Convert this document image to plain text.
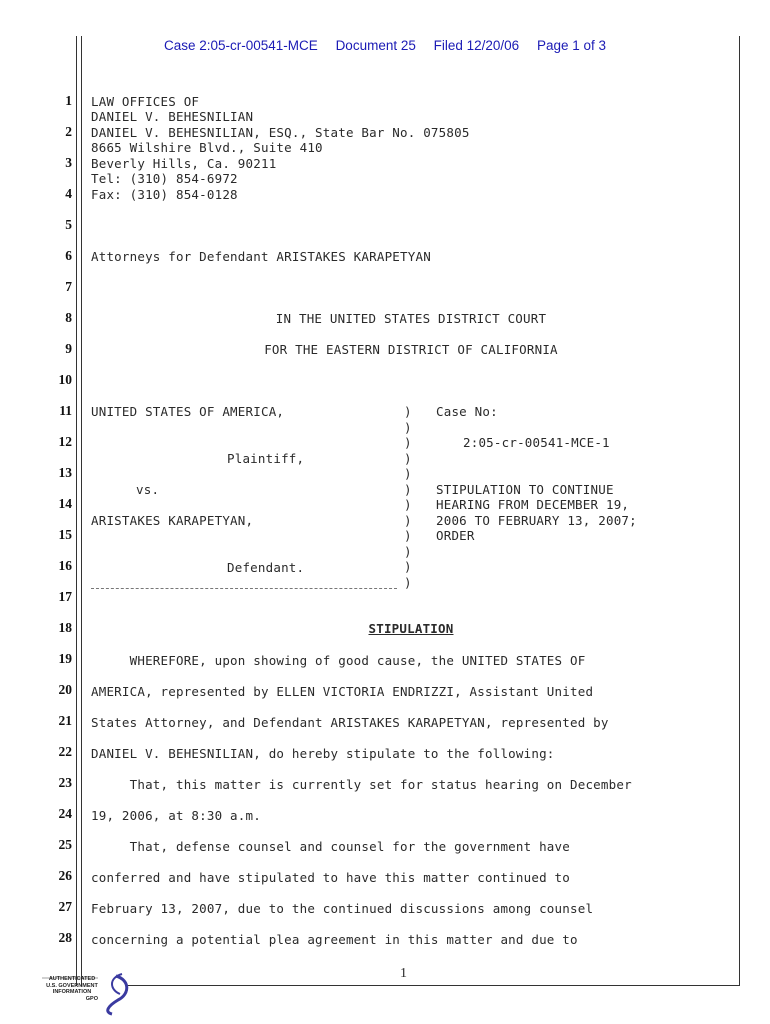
Case 2:05-cr-00541-MCE Document 25 Filed 12/20/06 Page 1 of 3
1
2
3
4
5
6
7
8
9
10
11
12
13
14
15
16
17
18
19
20
21
22
23
24
25
26
27
28
LAW OFFICES OF
DANIEL V. BEHESNILIAN
DANIEL V. BEHESNILIAN, ESQ., State Bar No. 075805
8665 Wilshire Blvd., Suite 410
Beverly Hills, Ca. 90211
Tel: (310) 854-6972
Fax: (310) 854-0128
Attorneys for Defendant ARISTAKES KARAPETYAN
IN THE UNITED STATES DISTRICT COURT
FOR THE EASTERN DISTRICT OF CALIFORNIA
UNITED STATES OF AMERICA,
Plaintiff,
vs.
ARISTAKES KARAPETYAN,
Defendant.
)
)
)
)
)
)
)
)
)
)
)
)
Case No:
2:05-cr-00541-MCE-1
STIPULATION TO CONTINUE
HEARING FROM DECEMBER 19,
2006 TO FEBRUARY 13, 2007;
ORDER
STIPULATION
WHEREFORE, upon showing of good cause, the UNITED STATES OF
AMERICA, represented by ELLEN VICTORIA ENDRIZZI, Assistant United
States Attorney, and Defendant ARISTAKES KARAPETYAN, represented by
DANIEL V. BEHESNILIAN, do hereby stipulate to the following:
That, this matter is currently set for status hearing on December
19, 2006, at 8:30 a.m.
That, defense counsel and counsel for the government have
conferred and have stipulated to have this matter continued to
February 13, 2007, due to the continued discussions among counsel
concerning a potential plea agreement in this matter and due to
1
AUTHENTICATED
U.S. GOVERNMENT
INFORMATION
GPO
